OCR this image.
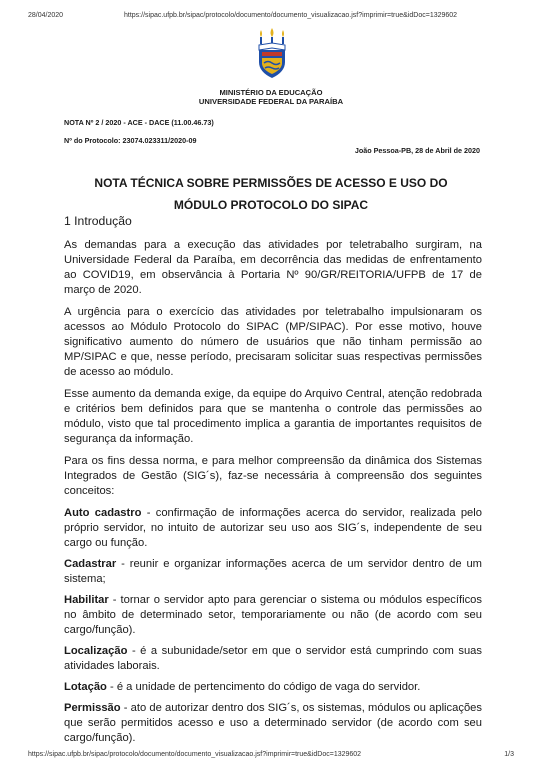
28/04/2020	https://sipac.ufpb.br/sipac/protocolo/documento/documento_visualizacao.jsf?imprimir=true&idDoc=1329602
MINISTÉRIO DA EDUCAÇÃO
UNIVERSIDADE FEDERAL DA PARAÍBA
NOTA Nº 2 / 2020 - ACE - DACE (11.00.46.73)
Nº do Protocolo: 23074.023311/2020-09
João Pessoa-PB, 28 de Abril de 2020
NOTA TÉCNICA SOBRE PERMISSÕES DE ACESSO E USO DO
MÓDULO PROTOCOLO DO SIPAC
1 Introdução

As demandas para a execução das atividades por teletrabalho surgiram, na Universidade Federal da Paraíba, em decorrência das medidas de enfrentamento ao COVID19, em observância à Portaria Nº 90/GR/REITORIA/UFPB de 17 de março de 2020.

A urgência para o exercício das atividades por teletrabalho impulsionaram os acessos ao Módulo Protocolo do SIPAC (MP/SIPAC). Por esse motivo, houve significativo aumento do número de usuários que não tinham permissão ao MP/SIPAC e que, nesse período, precisaram solicitar suas respectivas permissões de acesso ao módulo.

Esse aumento da demanda exige, da equipe do Arquivo Central, atenção redobrada e critérios bem definidos para que se mantenha o controle das permissões ao módulo, visto que tal procedimento implica a garantia de importantes requisitos de segurança da informação.

Para os fins dessa norma, e para melhor compreensão da dinâmica dos Sistemas Integrados de Gestão (SIG´s), faz-se necessária à compreensão dos seguintes conceitos:

Auto cadastro - confirmação de informações acerca do servidor, realizada pelo próprio servidor, no intuito de autorizar seu uso aos SIG´s, independente de seu cargo ou função.

Cadastrar - reunir e organizar informações acerca de um servidor dentro de um sistema;

Habilitar - tornar o servidor apto para gerenciar o sistema ou módulos específicos no âmbito de determinado setor, temporariamente ou não (de acordo com seu cargo/função).

Localização - é a subunidade/setor em que o servidor está cumprindo com suas atividades laborais.

Lotação - é a unidade de pertencimento do código de vaga do servidor.

Permissão - ato de autorizar dentro dos SIG´s, os sistemas, módulos ou aplicações que serão permitidos acesso e uso a determinado servidor (de acordo com seu cargo/função).

https://sipac.ufpb.br/sipac/protocolo/documento/documento_visualizacao.jsf?imprimir=true&idDoc=1329602	1/3
